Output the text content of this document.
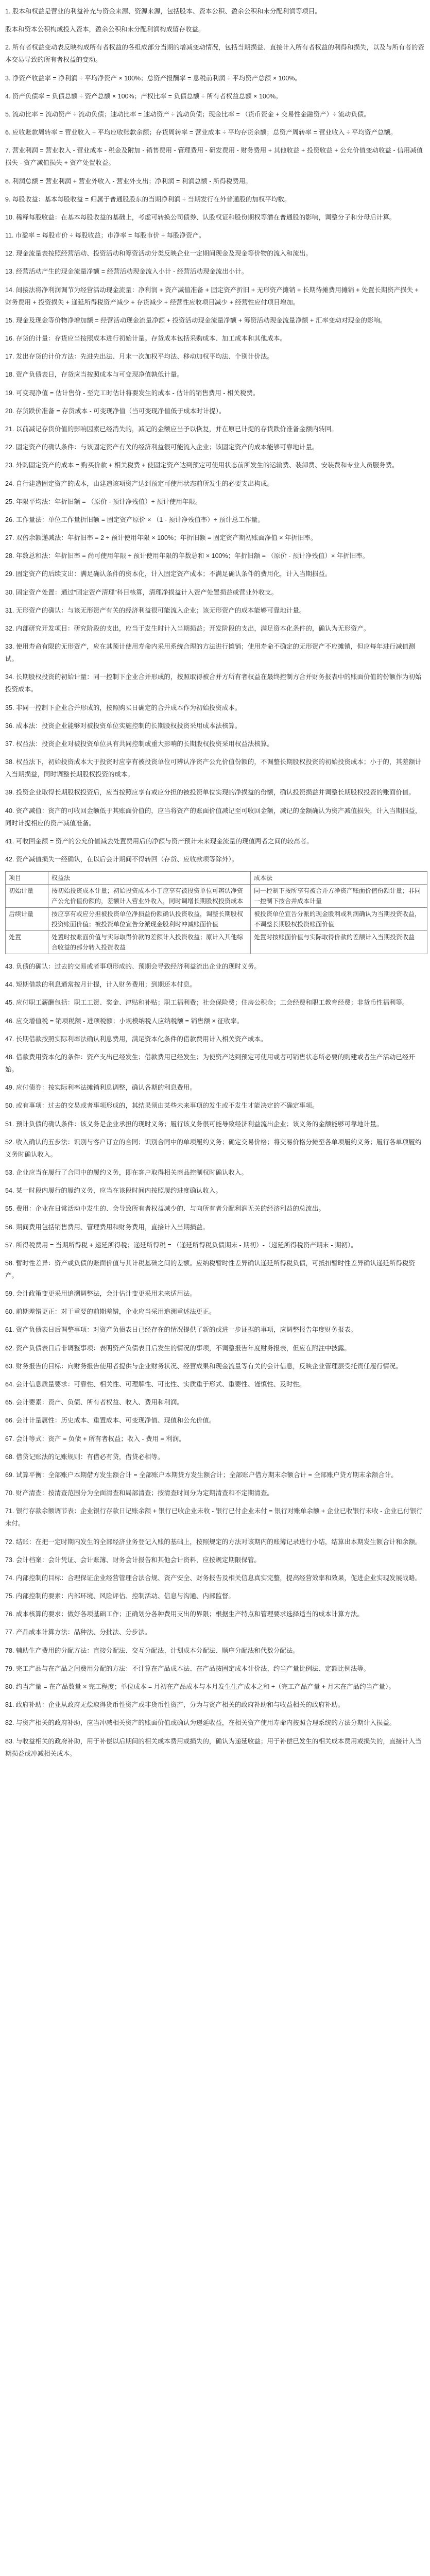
1. 股本和权益是营业的利益补充与资金来源、资源来源，包括股本、资本公积、盈余公积和未分配利润等项目。
股本和资本公积构成投入资本，盈余公积和未分配利润构成留存收益。
2. 所有者权益变动表反映构成所有者权益的各组成部分当期的增减变动情况，包括当期损益、直接计入所有者权益的利得和损失，以及与所有者的资本交易导致的所有者权益的变动。
3. 净资产收益率 = 净利润 ÷ 平均净资产 × 100%；总资产报酬率 = 息税前利润 ÷ 平均资产总额 × 100%。
4. 资产负债率 = 负债总额 ÷ 资产总额 × 100%；产权比率 = 负债总额 ÷ 所有者权益总额 × 100%。
5. 流动比率 = 流动资产 ÷ 流动负债；速动比率 = 速动资产 ÷ 流动负债；现金比率 = （货币资金 + 交易性金融资产）÷ 流动负债。
6. 应收账款周转率 = 营业收入 ÷ 平均应收账款余额；存货周转率 = 营业成本 ÷ 平均存货余额；总资产周转率 = 营业收入 ÷ 平均资产总额。
7. 营业利润 = 营业收入 - 营业成本 - 税金及附加 - 销售费用 - 管理费用 - 研发费用 - 财务费用 + 其他收益 + 投资收益 + 公允价值变动收益 - 信用减值损失 - 资产减值损失 + 资产处置收益。
8. 利润总额 = 营业利润 + 营业外收入 - 营业外支出；净利润 = 利润总额 - 所得税费用。
9. 每股收益：基本每股收益 = 归属于普通股股东的当期净利润 ÷ 当期发行在外普通股的加权平均数。
10. 稀释每股收益：在基本每股收益的基础上，考虑可转换公司债券、认股权证和股份期权等潜在普通股的影响，调整分子和分母后计算。
11. 市盈率 = 每股市价 ÷ 每股收益；市净率 = 每股市价 ÷ 每股净资产。
12. 现金流量表按照经营活动、投资活动和筹资活动分类反映企业一定期间现金及现金等价物的流入和流出。
13. 经营活动产生的现金流量净额 = 经营活动现金流入小计 - 经营活动现金流出小计。
14. 间接法将净利润调节为经营活动现金流量：净利润 + 资产减值准备 + 固定资产折旧 + 无形资产摊销 + 长期待摊费用摊销 + 处置长期资产损失 + 财务费用 + 投资损失 + 递延所得税资产减少 + 存货减少 + 经营性应收项目减少 + 经营性应付项目增加。
15. 现金及现金等价物净增加额 = 经营活动现金流量净额 + 投资活动现金流量净额 + 筹资活动现金流量净额 + 汇率变动对现金的影响。
16. 存货的计量：存货应当按照成本进行初始计量。存货成本包括采购成本、加工成本和其他成本。
17. 发出存货的计价方法：先进先出法、月末一次加权平均法、移动加权平均法、个别计价法。
18. 资产负债表日，存货应当按照成本与可变现净值孰低计量。
19. 可变现净值 = 估计售价 - 至完工时估计将要发生的成本 - 估计的销售费用 - 相关税费。
20. 存货跌价准备 = 存货成本 - 可变现净值（当可变现净值低于成本时计提）。
21. 以前减记存货价值的影响因素已经消失的，减记的金额应当予以恢复，并在原已计提的存货跌价准备金额内转回。
22. 固定资产的确认条件：与该固定资产有关的经济利益很可能流入企业；该固定资产的成本能够可靠地计量。
23. 外购固定资产的成本 = 购买价款 + 相关税费 + 使固定资产达到预定可使用状态前所发生的运输费、装卸费、安装费和专业人员服务费。
24. 自行建造固定资产的成本，由建造该项资产达到预定可使用状态前所发生的必要支出构成。
25. 年限平均法：年折旧额 = （原价 - 预计净残值）÷ 预计使用年限。
26. 工作量法：单位工作量折旧额 = 固定资产原价 × （1 - 预计净残值率）÷ 预计总工作量。
27. 双倍余额递减法：年折旧率 = 2 ÷ 预计使用年限 × 100%；年折旧额 = 固定资产期初账面净值 × 年折旧率。
28. 年数总和法：年折旧率 = 尚可使用年限 ÷ 预计使用年限的年数总和 × 100%；年折旧额 = （原价 - 预计净残值）× 年折旧率。
29. 固定资产的后续支出：满足确认条件的资本化，计入固定资产成本；不满足确认条件的费用化，计入当期损益。
30. 固定资产处置：通过“固定资产清理”科目核算，清理净损益计入资产处置损益或营业外收支。
31. 无形资产的确认：与该无形资产有关的经济利益很可能流入企业；该无形资产的成本能够可靠地计量。
32. 内部研究开发项目：研究阶段的支出，应当于发生时计入当期损益；开发阶段的支出，满足资本化条件的，确认为无形资产。
33. 使用寿命有限的无形资产，应在其预计使用寿命内采用系统合理的方法进行摊销；使用寿命不确定的无形资产不应摊销，但应每年进行减值测试。
34. 长期股权投资的初始计量：同一控制下企业合并形成的，按照取得被合并方所有者权益在最终控制方合并财务报表中的账面价值的份额作为初始投资成本。
35. 非同一控制下企业合并形成的，按照购买日确定的合并成本作为初始投资成本。
36. 成本法：投资企业能够对被投资单位实施控制的长期股权投资采用成本法核算。
37. 权益法：投资企业对被投资单位具有共同控制或重大影响的长期股权投资采用权益法核算。
38. 权益法下，初始投资成本大于投资时应享有被投资单位可辨认净资产公允价值份额的，不调整长期股权投资的初始投资成本；小于的，其差额计入当期损益，同时调整长期股权投资的成本。
39. 投资企业取得长期股权投资后，应当按照应享有或应分担的被投资单位实现的净损益的份额，确认投资损益并调整长期股权投资的账面价值。
40. 资产减值：资产的可收回金额低于其账面价值的，应当将资产的账面价值减记至可收回金额，减记的金额确认为资产减值损失，计入当期损益，同时计提相应的资产减值准备。
41. 可收回金额 = 资产的公允价值减去处置费用后的净额与资产预计未来现金流量的现值两者之间的较高者。
42. 资产减值损失一经确认，在以后会计期间不得转回（存货、应收款项等除外）。
项目	权益法	成本法
初始计量	按初始投资成本计量；初始投资成本小于应享有被投资单位可辨认净资产公允价值份额的，差额计入营业外收入，同时调增长期股权投资成本	同一控制下按所享有被合并方净资产账面价值份额计量；非同一控制下按合并成本计量
后续计量	按应享有或应分担被投资单位净损益份额确认投资收益，调整长期股权投资账面价值；被投资单位宣告分派现金股利时冲减账面价值	被投资单位宣告分派的现金股利或利润确认为当期投资收益，不调整长期股权投资账面价值
处置	处置时按账面价值与实际取得价款的差额计入投资收益；原计入其他综合收益的部分转入投资收益	处置时按账面价值与实际取得价款的差额计入当期投资收益
43. 负债的确认：过去的交易或者事项形成的、预期会导致经济利益流出企业的现时义务。
44. 短期借款的利息通常按月计提，计入财务费用；到期还本付息。
45. 应付职工薪酬包括：职工工资、奖金、津贴和补贴；职工福利费；社会保险费；住房公积金；工会经费和职工教育经费；非货币性福利等。
46. 应交增值税 = 销项税额 - 进项税额；小规模纳税人应纳税额 = 销售额 × 征收率。
47. 长期借款按照实际利率法确认利息费用，满足资本化条件的借款费用计入相关资产成本。
48. 借款费用资本化的条件：资产支出已经发生；借款费用已经发生；为使资产达到预定可使用或者可销售状态所必要的购建或者生产活动已经开始。
49. 应付债券：按实际利率法摊销利息调整，确认各期的利息费用。
50. 或有事项：过去的交易或者事项形成的，其结果须由某些未来事项的发生或不发生才能决定的不确定事项。
51. 预计负债的确认条件：该义务是企业承担的现时义务；履行该义务很可能导致经济利益流出企业；该义务的金额能够可靠地计量。
52. 收入确认的五步法：识别与客户订立的合同；识别合同中的单项履约义务；确定交易价格；将交易价格分摊至各单项履约义务；履行各单项履约义务时确认收入。
53. 企业应当在履行了合同中的履约义务，即在客户取得相关商品控制权时确认收入。
54. 某一时段内履行的履约义务，应当在该段时间内按照履约进度确认收入。
55. 费用：企业在日常活动中发生的、会导致所有者权益减少的、与向所有者分配利润无关的经济利益的总流出。
56. 期间费用包括销售费用、管理费用和财务费用，直接计入当期损益。
57. 所得税费用 = 当期所得税 + 递延所得税；递延所得税 = （递延所得税负债期末 - 期初）-（递延所得税资产期末 - 期初）。
58. 暂时性差异：资产或负债的账面价值与其计税基础之间的差额。应纳税暂时性差异确认递延所得税负债，可抵扣暂时性差异确认递延所得税资产。
59. 会计政策变更采用追溯调整法，会计估计变更采用未来适用法。
60. 前期差错更正：对于重要的前期差错，企业应当采用追溯重述法更正。
61. 资产负债表日后调整事项：对资产负债表日已经存在的情况提供了新的或进一步证据的事项，应调整报告年度财务报表。
62. 资产负债表日后非调整事项：表明资产负债表日后发生的情况的事项，不调整报告年度财务报表，但应在附注中披露。
63. 财务报告的目标：向财务报告使用者提供与企业财务状况、经营成果和现金流量等有关的会计信息，反映企业管理层受托责任履行情况。
64. 会计信息质量要求：可靠性、相关性、可理解性、可比性、实质重于形式、重要性、谨慎性、及时性。
65. 会计要素：资产、负债、所有者权益、收入、费用和利润。
66. 会计计量属性：历史成本、重置成本、可变现净值、现值和公允价值。
67. 会计等式：资产 = 负债 + 所有者权益；收入 - 费用 = 利润。
68. 借贷记账法的记账规则：有借必有贷，借贷必相等。
69. 试算平衡：全部账户本期借方发生额合计 = 全部账户本期贷方发生额合计；全部账户借方期末余额合计 = 全部账户贷方期末余额合计。
70. 财产清查：按清查范围分为全面清查和局部清查；按清查时间分为定期清查和不定期清查。
71. 银行存款余额调节表：企业银行存款日记账余额 + 银行已收企业未收 - 银行已付企业未付 = 银行对账单余额 + 企业已收银行未收 - 企业已付银行未付。
72. 结账：在把一定时期内发生的全部经济业务登记入账的基础上，按照规定的方法对该期内的账簿记录进行小结，结算出本期发生额合计和余额。
73. 会计档案：会计凭证、会计账簿、财务会计报告和其他会计资料，应按规定期限保管。
74. 内部控制的目标：合理保证企业经营管理合法合规、资产安全、财务报告及相关信息真实完整，提高经营效率和效果，促进企业实现发展战略。
75. 内部控制的要素：内部环境、风险评估、控制活动、信息与沟通、内部监督。
76. 成本核算的要求：做好各项基础工作；正确划分各种费用支出的界限；根据生产特点和管理要求选择适当的成本计算方法。
77. 产品成本计算方法：品种法、分批法、分步法。
78. 辅助生产费用的分配方法：直接分配法、交互分配法、计划成本分配法、顺序分配法和代数分配法。
79. 完工产品与在产品之间费用分配的方法：不计算在产品成本法、在产品按固定成本计价法、约当产量比例法、定额比例法等。
80. 约当产量 = 在产品数量 × 完工程度；单位成本 = 月初在产品成本与本月发生生产成本之和 ÷（完工产品产量 + 月末在产品约当产量）。
81. 政府补助：企业从政府无偿取得货币性资产或非货币性资产，分为与资产相关的政府补助和与收益相关的政府补助。
82. 与资产相关的政府补助，应当冲减相关资产的账面价值或确认为递延收益，在相关资产使用寿命内按照合理系统的方法分期计入损益。
83. 与收益相关的政府补助，用于补偿以后期间的相关成本费用或损失的，确认为递延收益；用于补偿已发生的相关成本费用或损失的，直接计入当期损益或冲减相关成本。
